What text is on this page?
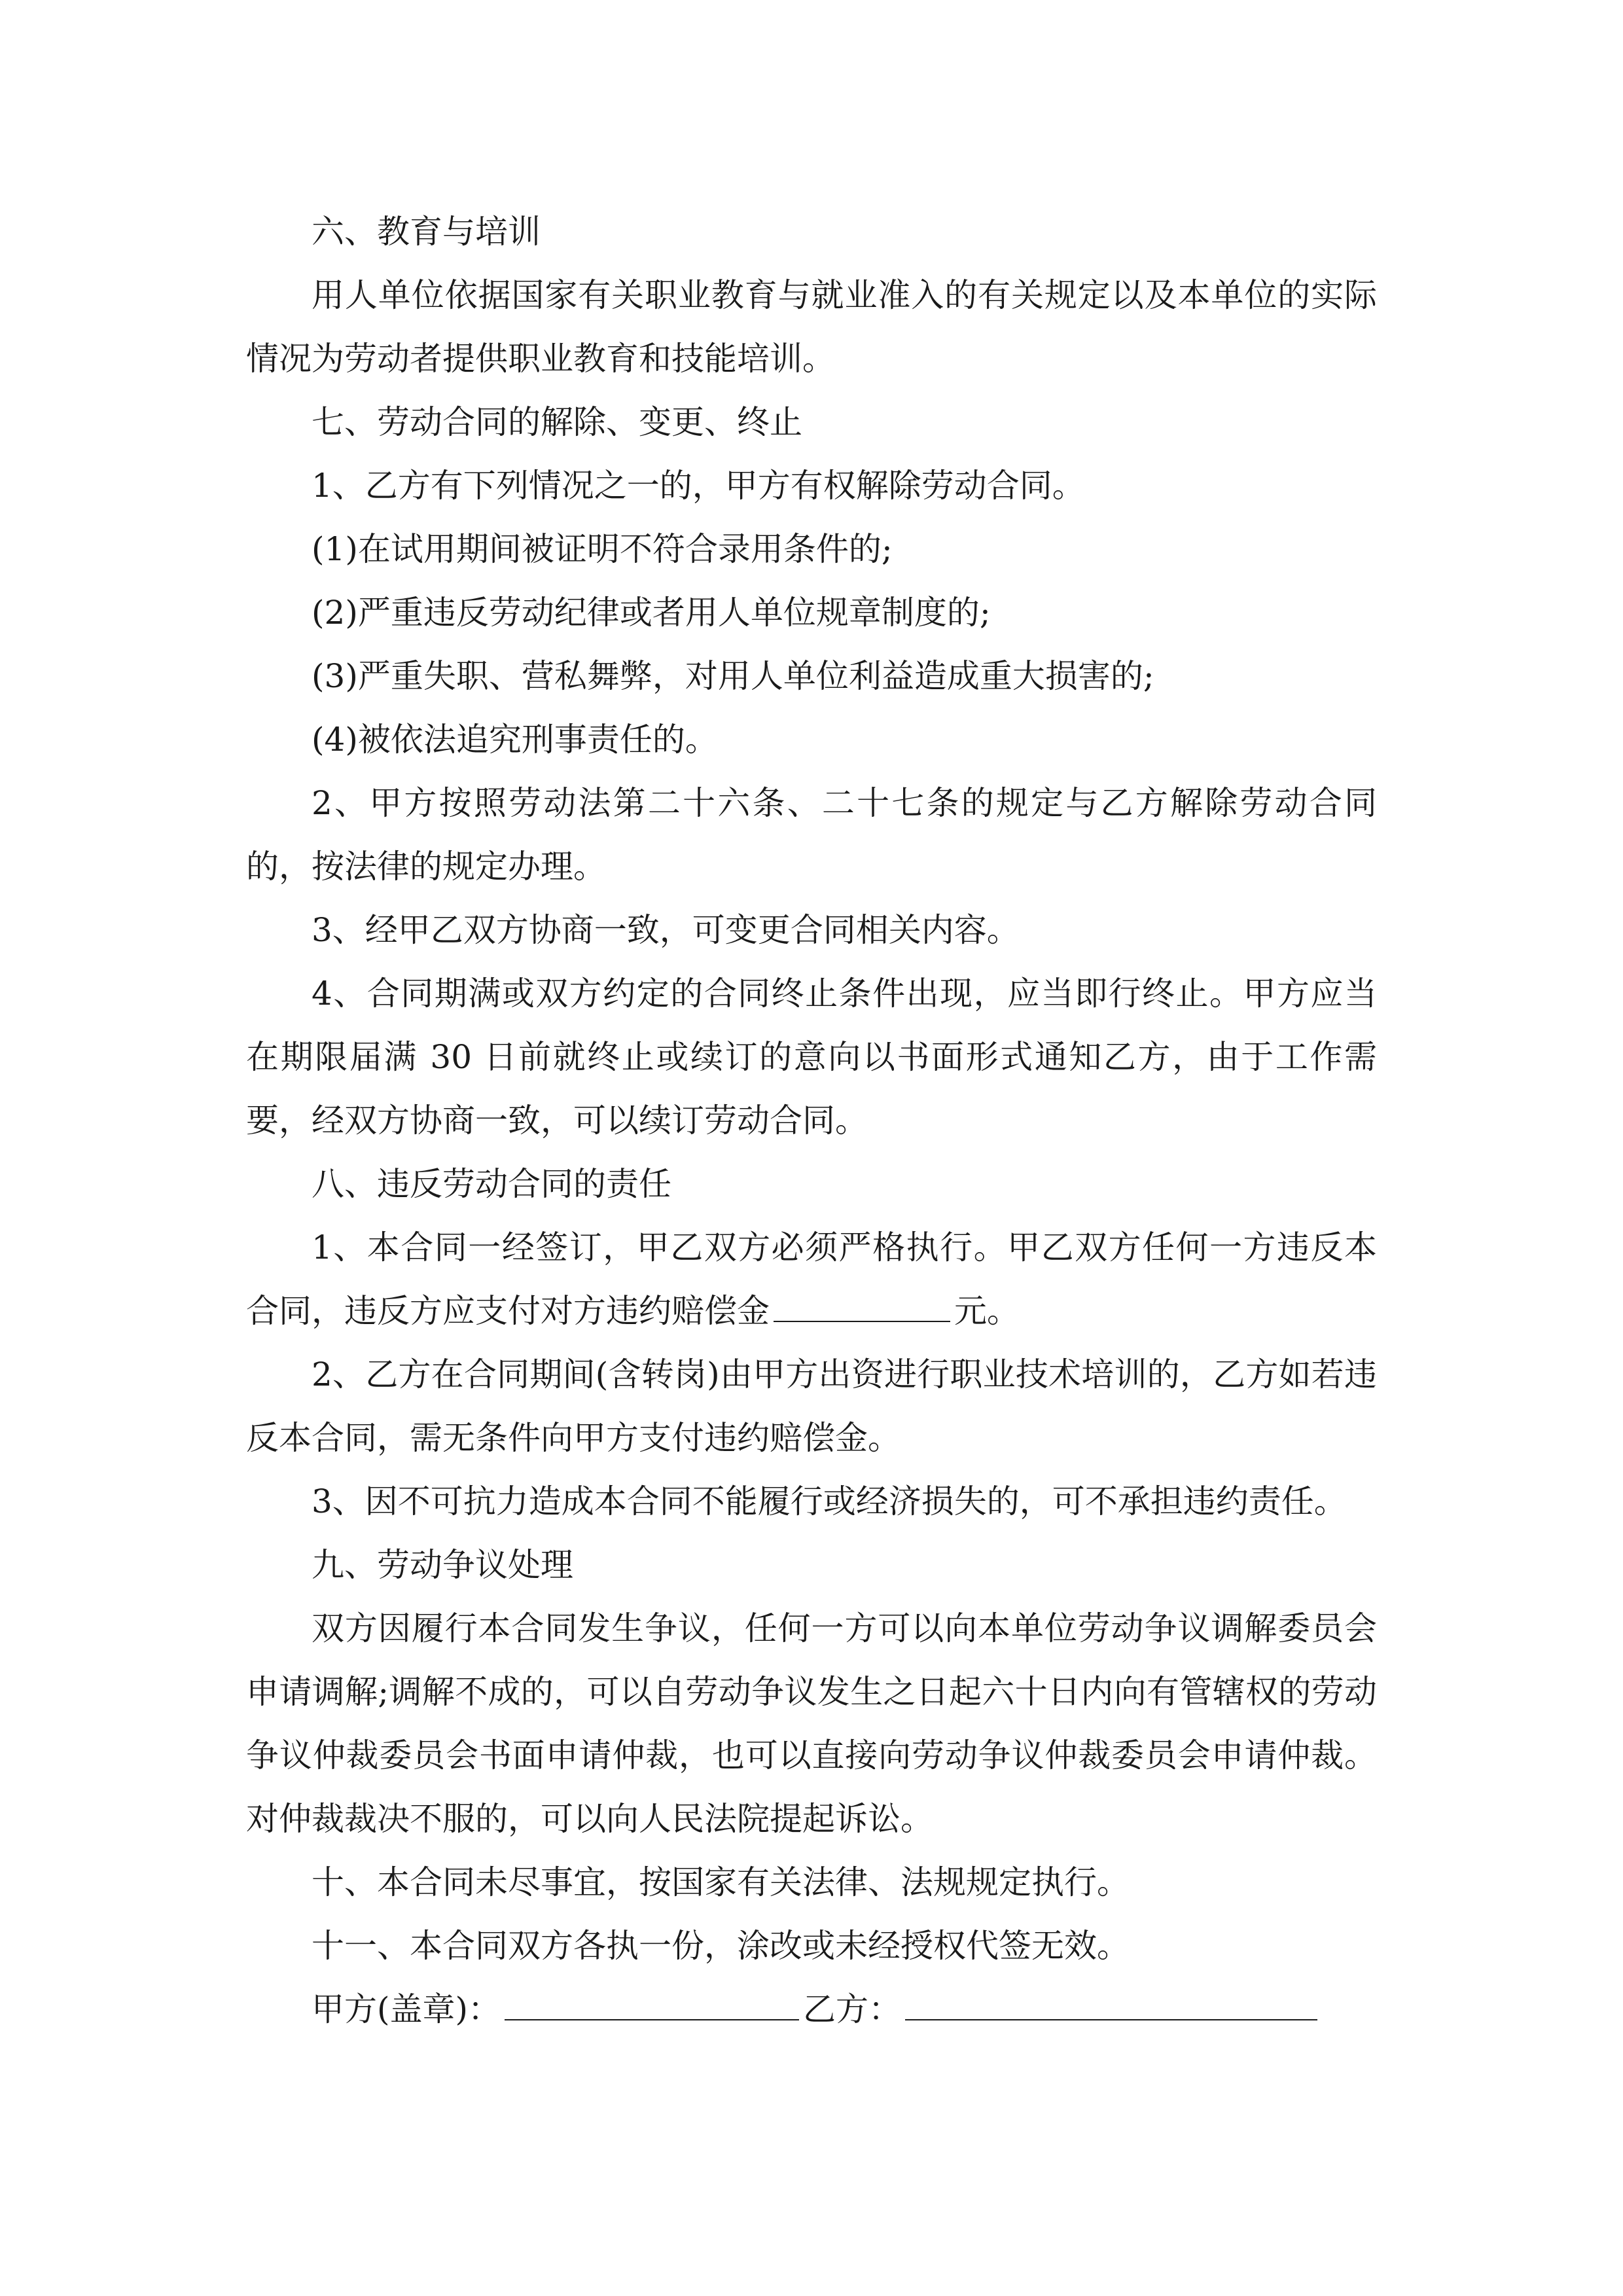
六、教育与培训

用人单位依据国家有关职业教育与就业准入的有关规定以及本单位的实际情况为劳动者提供职业教育和技能培训。

七、劳动合同的解除、变更、终止

1、乙方有下列情况之一的，甲方有权解除劳动合同。

(1)在试用期间被证明不符合录用条件的;

(2)严重违反劳动纪律或者用人单位规章制度的;

(3)严重失职、营私舞弊，对用人单位利益造成重大损害的;

(4)被依法追究刑事责任的。

2、甲方按照劳动法第二十六条、二十七条的规定与乙方解除劳动合同的，按法律的规定办理。

3、经甲乙双方协商一致，可变更合同相关内容。

4、合同期满或双方约定的合同终止条件出现，应当即行终止。甲方应当在期限届满 30 日前就终止或续订的意向以书面形式通知乙方，由于工作需要，经双方协商一致，可以续订劳动合同。

八、违反劳动合同的责任

1、本合同一经签订，甲乙双方必须严格执行。甲乙双方任何一方违反本合同，违反方应支付对方违约赔偿金	元。

2、乙方在合同期间(含转岗)由甲方出资进行职业技术培训的，乙方如若违反本合同，需无条件向甲方支付违约赔偿金。

3、因不可抗力造成本合同不能履行或经济损失的，可不承担违约责任。

九、劳动争议处理

双方因履行本合同发生争议，任何一方可以向本单位劳动争议调解委员会申请调解;调解不成的，可以自劳动争议发生之日起六十日内向有管辖权的劳动争议仲裁委员会书面申请仲裁，也可以直接向劳动争议仲裁委员会申请仲裁。对仲裁裁决不服的，可以向人民法院提起诉讼。

十、本合同未尽事宜，按国家有关法律、法规规定执行。

十一、本合同双方各执一份，涂改或未经授权代签无效。

甲方(盖章)：	乙方：
